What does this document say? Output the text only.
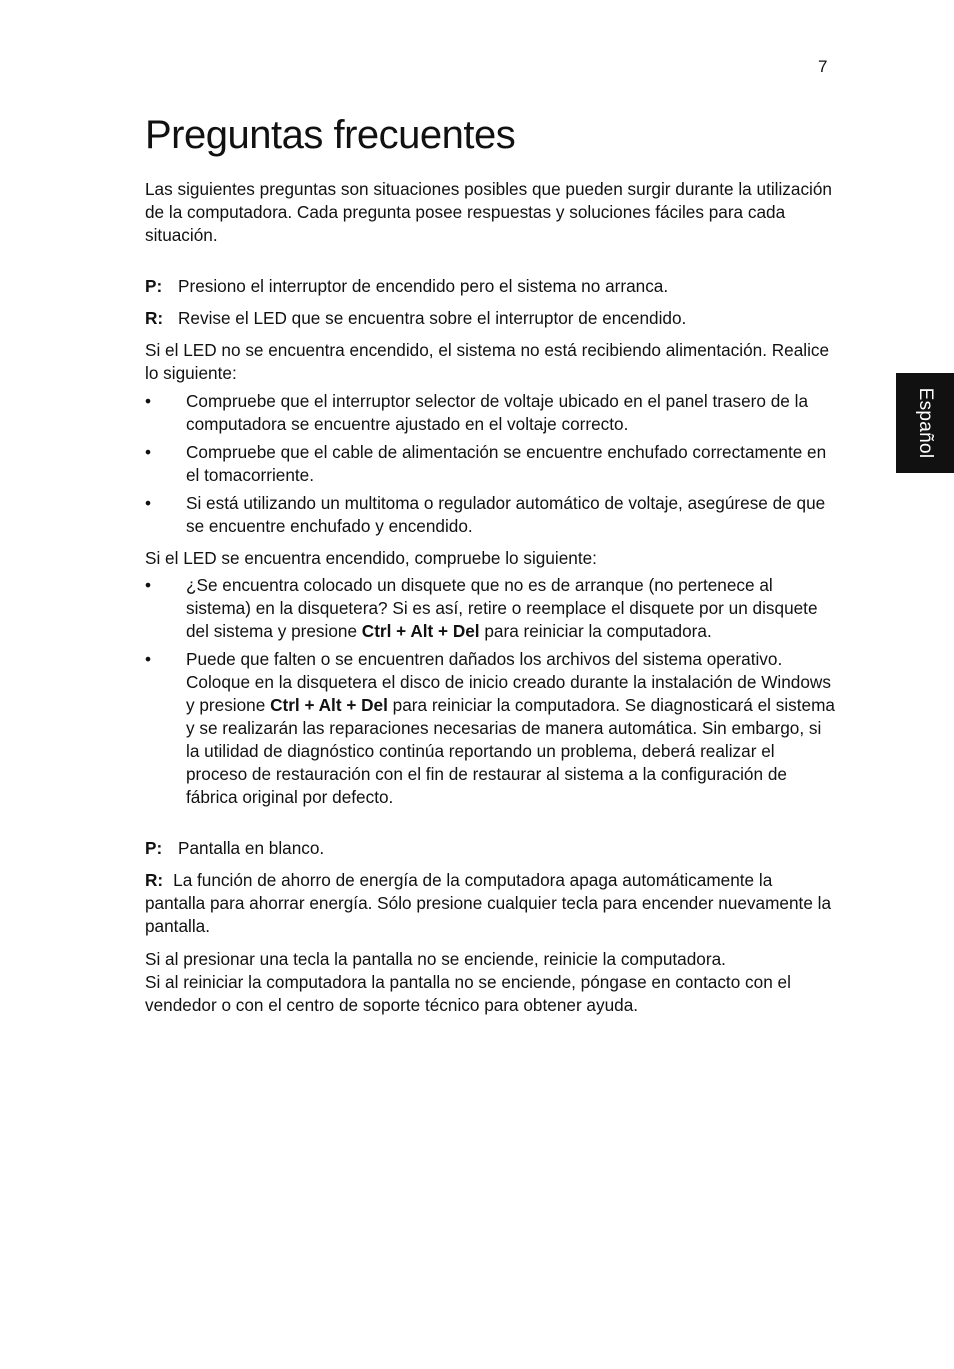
7
Español
Preguntas frecuentes

Las siguientes preguntas son situaciones posibles que pueden surgir durante la utilización de la computadora. Cada pregunta posee respuestas y soluciones fáciles para cada situación.

P: Presiono el interruptor de encendido pero el sistema no arranca.

R: Revise el LED que se encuentra sobre el interruptor de encendido.

Si el LED no se encuentra encendido, el sistema no está recibiendo alimentación. Realice lo siguiente:

• Compruebe que el interruptor selector de voltaje ubicado en el panel trasero de la computadora se encuentre ajustado en el voltaje correcto.
• Compruebe que el cable de alimentación se encuentre enchufado correctamente en el tomacorriente.
• Si está utilizando un multitoma o regulador automático de voltaje, asegúrese de que se encuentre enchufado y encendido.

Si el LED se encuentra encendido, compruebe lo siguiente:

• ¿Se encuentra colocado un disquete que no es de arranque (no pertenece al sistema) en la disquetera? Si es así, retire o reemplace el disquete por un disquete del sistema y presione Ctrl + Alt + Del para reiniciar la computadora.
• Puede que falten o se encuentren dañados los archivos del sistema operativo. Coloque en la disquetera el disco de inicio creado durante la instalación de Windows y presione Ctrl + Alt + Del para reiniciar la computadora. Se diagnosticará el sistema y se realizarán las reparaciones necesarias de manera automática. Sin embargo, si la utilidad de diagnóstico continúa reportando un problema, deberá realizar el proceso de restauración con el fin de restaurar al sistema a la configuración de fábrica original por defecto.

P: Pantalla en blanco.

R: La función de ahorro de energía de la computadora apaga automáticamente la pantalla para ahorrar energía. Sólo presione cualquier tecla para encender nuevamente la pantalla.

Si al presionar una tecla la pantalla no se enciende, reinicie la computadora.
Si al reiniciar la computadora la pantalla no se enciende, póngase en contacto con el vendedor o con el centro de soporte técnico para obtener ayuda.
